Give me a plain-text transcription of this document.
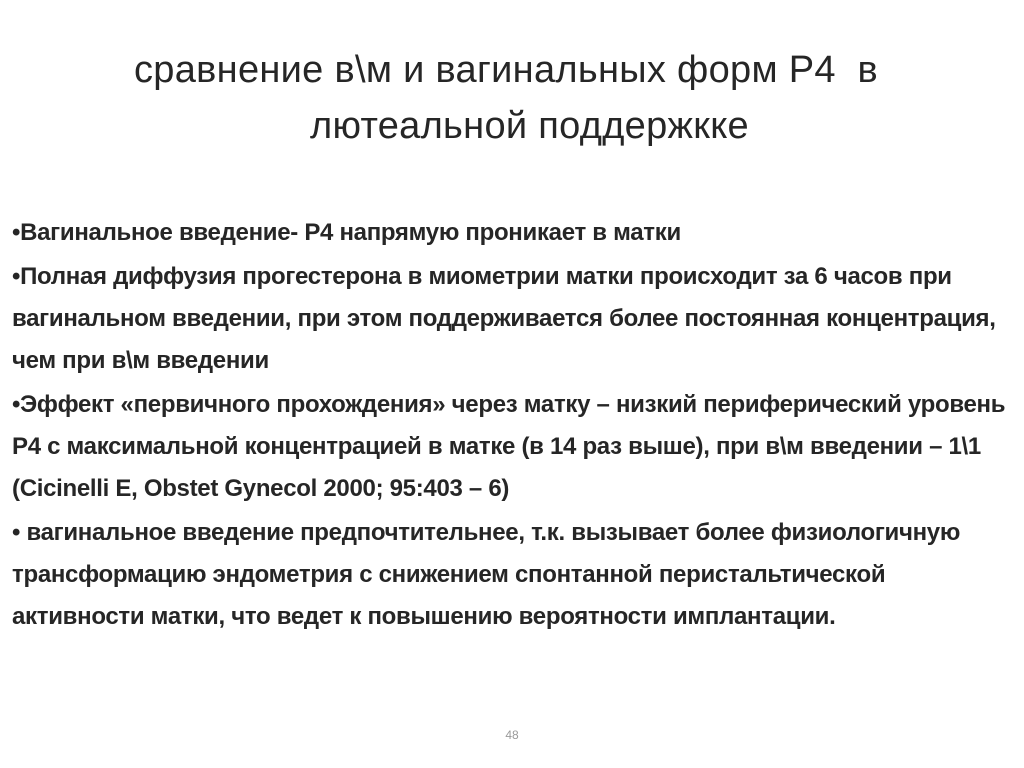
сравнение в\м и вагинальных форм Р4  в
лютеальной поддержкке
•Вагинальное введение- Р4 напрямую проникает в матки
•Полная диффузия прогестерона в миометрии матки происходит за 6 часов при вагинальном введении, при этом поддерживается более постоянная концентрация, чем при в\м введении
•Эффект «первичного прохождения» через матку – низкий периферический уровень Р4 с максимальной концентрацией в матке (в 14 раз выше), при в\м введении – 1\1 (Cicinelli E, Obstet Gynecol 2000; 95:403 – 6)
• вагинальное введение предпочтительнее, т.к. вызывает более физиологичную трансформацию эндометрия с снижением спонтанной перистальтической активности матки, что ведет к повышению вероятности имплантации.
48
